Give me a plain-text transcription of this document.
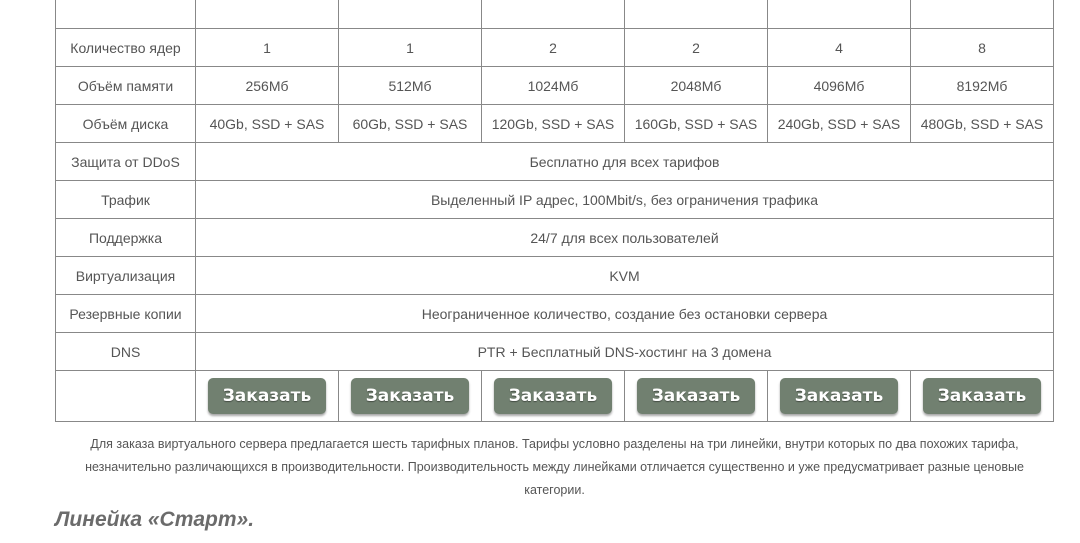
Количество ядер	1	1	2	2	4	8
Объём памяти	256Мб	512Мб	1024Мб	2048Мб	4096Мб	8192Мб
Объём диска	40Gb, SSD + SAS	60Gb, SSD + SAS	120Gb, SSD + SAS	160Gb, SSD + SAS	240Gb, SSD + SAS	480Gb, SSD + SAS
Защита от DDoS	Бесплатно для всех тарифов					
Трафик	Выделенный IP адрес, 100Mbit/s, без ограничения трафика					
Поддержка	24/7 для всех пользователей					
Виртуализация	KVM					
Резервные копии	Неограниченное количество, создание без остановки сервера					
DNS	PTR + Бесплатный DNS-хостинг на 3 домена					
	Заказать	Заказать	Заказать	Заказать	Заказать	Заказать

Для заказа виртуального сервера предлагается шесть тарифных планов. Тарифы условно разделены на три линейки, внутри которых по два похожих тарифа, незначительно различающихся в производительности. Производительность между линейками отличается существенно и уже предусматривает разные ценовые категории.

Линейка «Старт».
